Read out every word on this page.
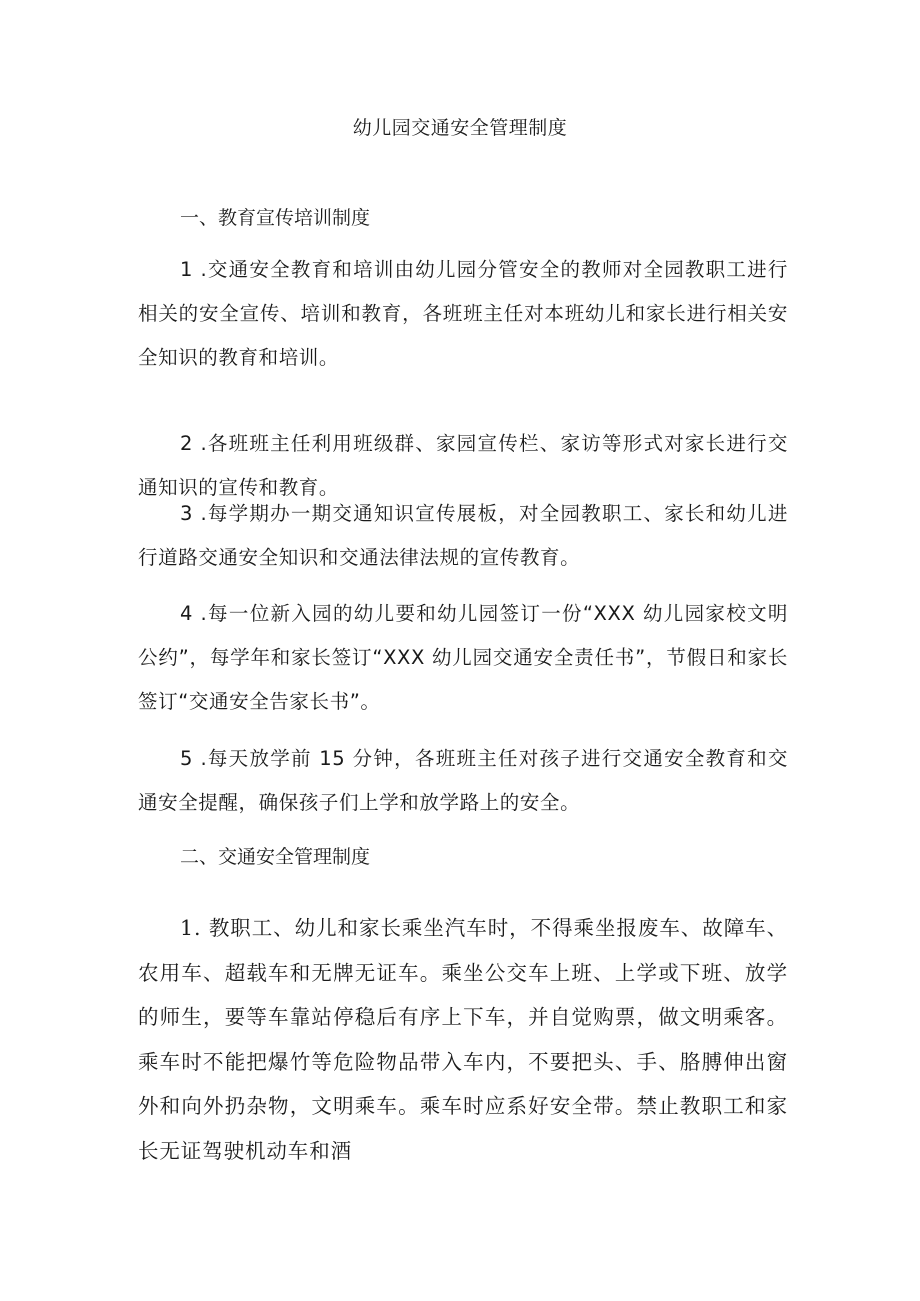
幼儿园交通安全管理制度
一、教育宣传培训制度

1 .交通安全教育和培训由幼儿园分管安全的教师对全园教职工进行相关的安全宣传、培训和教育，各班班主任对本班幼儿和家长进行相关安全知识的教育和培训。

2 .各班班主任利用班级群、家园宣传栏、家访等形式对家长进行交通知识的宣传和教育。

3 .每学期办一期交通知识宣传展板，对全园教职工、家长和幼儿进行道路交通安全知识和交通法律法规的宣传教育。

4 .每一位新入园的幼儿要和幼儿园签订一份“XXX 幼儿园家校文明公约”，每学年和家长签订“XXX 幼儿园交通安全责任书”，节假日和家长签订“交通安全告家长书”。

5 .每天放学前 15 分钟，各班班主任对孩子进行交通安全教育和交通安全提醒，确保孩子们上学和放学路上的安全。

二、交通安全管理制度

1. 教职工、幼儿和家长乘坐汽车时，不得乘坐报废车、故障车、农用车、超载车和无牌无证车。乘坐公交车上班、上学或下班、放学的师生，要等车靠站停稳后有序上下车，并自觉购票，做文明乘客。乘车时不能把爆竹等危险物品带入车内，不要把头、手、胳膊伸出窗外和向外扔杂物，文明乘车。乘车时应系好安全带。禁止教职工和家长无证驾驶机动车和酒
